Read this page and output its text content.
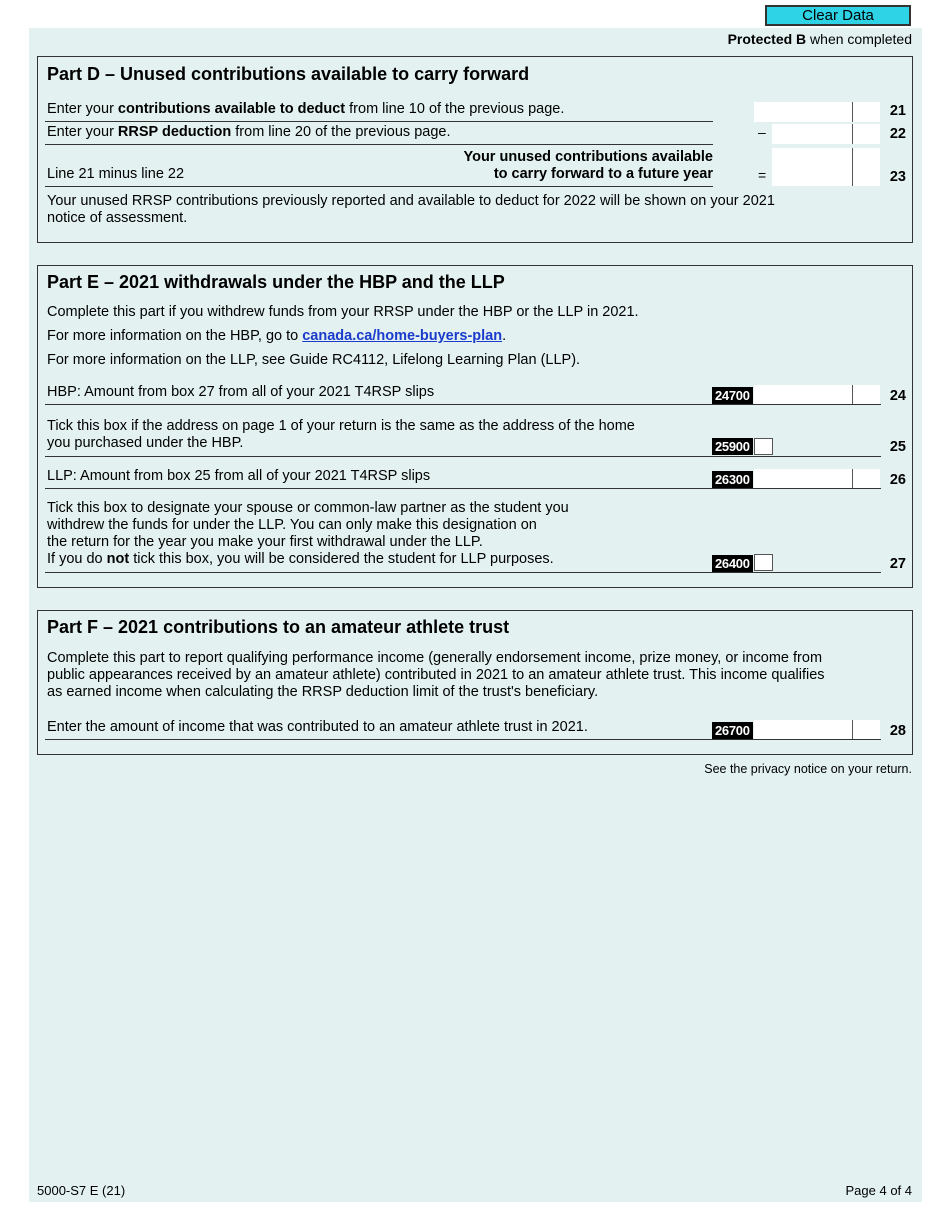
Clear Data
Protected B when completed
Part D – Unused contributions available to carry forward
Enter your contributions available to deduct from line 10 of the previous page.	21
Enter your RRSP deduction from line 20 of the previous page.	–	22
Line 21 minus line 22
Your unused contributions available
to carry forward to a future year	=	23
Your unused RRSP contributions previously reported and available to deduct for 2022 will be shown on your 2021
notice of assessment.
Part E – 2021 withdrawals under the HBP and the LLP
Complete this part if you withdrew funds from your RRSP under the HBP or the LLP in 2021.
For more information on the HBP, go to canada.ca/home-buyers-plan.
For more information on the LLP, see Guide RC4112, Lifelong Learning Plan (LLP).
HBP: Amount from box 27 from all of your 2021 T4RSP slips	24700	24
Tick this box if the address on page 1 of your return is the same as the address of the home
you purchased under the HBP.	25900	25
LLP: Amount from box 25 from all of your 2021 T4RSP slips	26300	26
Tick this box to designate your spouse or common-law partner as the student you
withdrew the funds for under the LLP. You can only make this designation on
the return for the year you make your first withdrawal under the LLP.
If you do not tick this box, you will be considered the student for LLP purposes.	26400	27
Part F – 2021 contributions to an amateur athlete trust
Complete this part to report qualifying performance income (generally endorsement income, prize money, or income from
public appearances received by an amateur athlete) contributed in 2021 to an amateur athlete trust. This income qualifies
as earned income when calculating the RRSP deduction limit of the trust's beneficiary.
Enter the amount of income that was contributed to an amateur athlete trust in 2021.	26700	28
See the privacy notice on your return.
5000-S7 E (21)	Page 4 of 4
